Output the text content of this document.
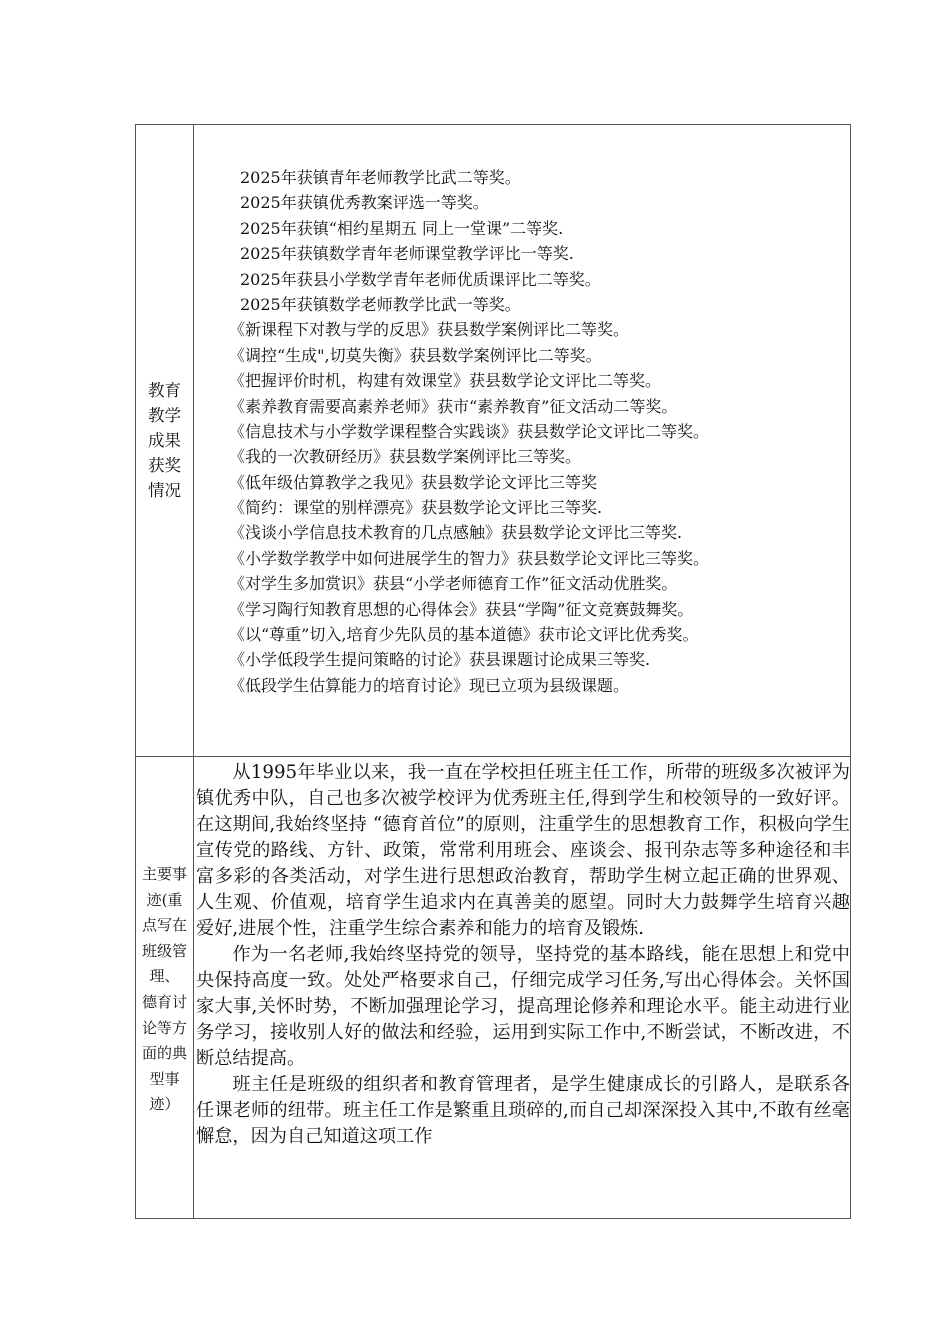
教育
教学
成果
获奖
情况
2025年获镇青年老师教学比武二等奖。
2025年获镇优秀教案评选一等奖。
2025年获镇“相约星期五 同上一堂课”二等奖.
2025年获镇数学青年老师课堂教学评比一等奖.
2025年获县小学数学青年老师优质课评比二等奖。
2025年获镇数学老师教学比武一等奖。
《新课程下对教与学的反思》获县数学案例评比二等奖。
《调控“生成",切莫失衡》获县数学案例评比二等奖。
《把握评价时机，构建有效课堂》获县数学论文评比二等奖。
《素养教育需要高素养老师》获市“素养教育”征文活动二等奖。
《信息技术与小学数学课程整合实践谈》获县数学论文评比二等奖。
《我的一次教研经历》获县数学案例评比三等奖。
《低年级估算教学之我见》获县数学论文评比三等奖
《简约：课堂的别样漂亮》获县数学论文评比三等奖.
《浅谈小学信息技术教育的几点感触》获县数学论文评比三等奖.
《小学数学教学中如何进展学生的智力》获县数学论文评比三等奖。
《对学生多加赏识》获县“小学老师德育工作”征文活动优胜奖。
《学习陶行知教育思想的心得体会》获县“学陶”征文竞赛鼓舞奖。
《以“尊重”切入,培育少先队员的基本道德》获市论文评比优秀奖。
《小学低段学生提问策略的讨论》获县课题讨论成果三等奖.
《低段学生估算能力的培育讨论》现已立项为县级课题。
主要事
迹(重
点写在
班级管
理、
德育讨
论等方
面的典
型事
迹）

从1995年毕业以来，我一直在学校担任班主任工作，所带的班级多次被评为镇优秀中队，自己也多次被学校评为优秀班主任,得到学生和校领导的一致好评。在这期间,我始终坚持 “德育首位”的原则，注重学生的思想教育工作，积极向学生宣传党的路线、方针、政策，常常利用班会、座谈会、报刊杂志等多种途径和丰富多彩的各类活动，对学生进行思想政治教育，帮助学生树立起正确的世界观、人生观、价值观，培育学生追求内在真善美的愿望。同时大力鼓舞学生培育兴趣爱好,进展个性，注重学生综合素养和能力的培育及锻炼.

作为一名老师,我始终坚持党的领导，坚持党的基本路线，能在思想上和党中央保持高度一致。处处严格要求自己，仔细完成学习任务,写出心得体会。关怀国家大事,关怀时势，不断加强理论学习，提高理论修养和理论水平。能主动进行业务学习，接收别人好的做法和经验，运用到实际工作中,不断尝试，不断改进，不断总结提高。

班主任是班级的组织者和教育管理者，是学生健康成长的引路人，是联系各任课老师的纽带。班主任工作是繁重且琐碎的,而自己却深深投入其中,不敢有丝毫懈怠，因为自己知道这项工作
